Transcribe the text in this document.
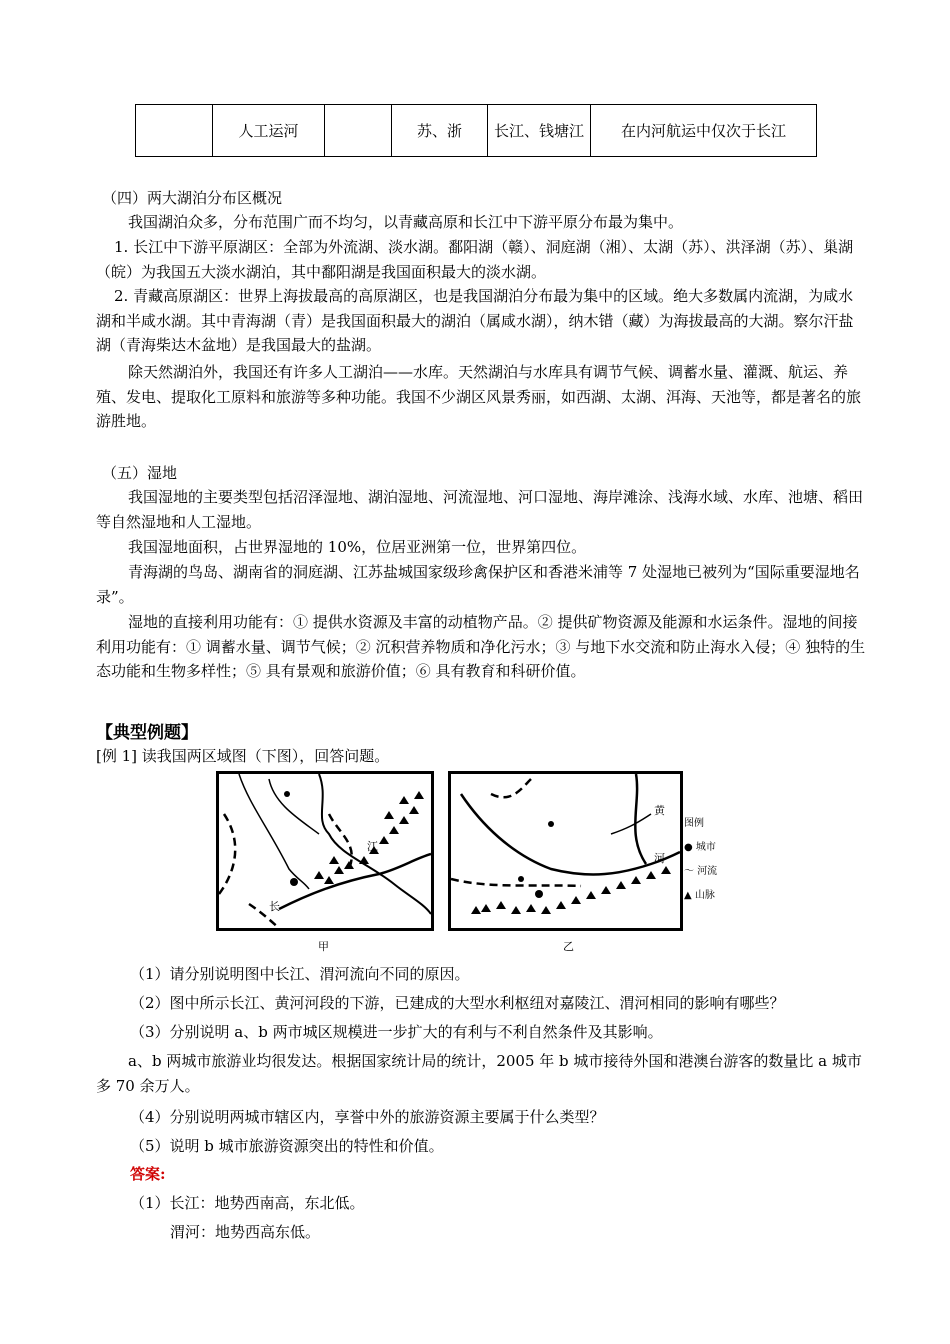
	人工运河		苏、浙	长江、钱塘江	在内河航运中仅次于长江

（四）两大湖泊分布区概况

我国湖泊众多，分布范围广而不均匀，以青藏高原和长江中下游平原分布最为集中。

1. 长江中下游平原湖区：全部为外流湖、淡水湖。鄱阳湖（赣）、洞庭湖（湘）、太湖（苏）、洪泽湖（苏）、巢湖（皖）为我国五大淡水湖泊，其中鄱阳湖是我国面积最大的淡水湖。

2. 青藏高原湖区：世界上海拔最高的高原湖区，也是我国湖泊分布最为集中的区域。绝大多数属内流湖，为咸水湖和半咸水湖。其中青海湖（青）是我国面积最大的湖泊（属咸水湖），纳木错（藏）为海拔最高的大湖。察尔汗盐湖（青海柴达木盆地）是我国最大的盐湖。

除天然湖泊外，我国还有许多人工湖泊——水库。天然湖泊与水库具有调节气候、调蓄水量、灌溉、航运、养殖、发电、提取化工原料和旅游等多种功能。我国不少湖区风景秀丽，如西湖、太湖、洱海、天池等，都是著名的旅游胜地。

（五）湿地

我国湿地的主要类型包括沼泽湿地、湖泊湿地、河流湿地、河口湿地、海岸滩涂、浅海水域、水库、池塘、稻田等自然湿地和人工湿地。

我国湿地面积，占世界湿地的 10%，位居亚洲第一位，世界第四位。

青海湖的鸟岛、湖南省的洞庭湖、江苏盐城国家级珍禽保护区和香港米浦等 7 处湿地已被列为“国际重要湿地名录”。

湿地的直接利用功能有：① 提供水资源及丰富的动植物产品。② 提供矿物资源及能源和水运条件。湿地的间接利用功能有：① 调蓄水量、调节气候；② 沉积营养物质和净化污水；③ 与地下水交流和防止海水入侵；④ 独特的生态功能和生物多样性；⑤ 具有景观和旅游价值；⑥ 具有教育和科研价值。

【典型例题】

[例 1] 读我国两区域图（下图），回答问题。

江
长
甲
黄
河
乙
图例
● 城市
〜 河流
▲ 山脉

（1）请分别说明图中长江、渭河流向不同的原因。

（2）图中所示长江、黄河河段的下游，已建成的大型水利枢纽对嘉陵江、渭河相同的影响有哪些？

（3）分别说明 a、b 两市城区规模进一步扩大的有利与不利自然条件及其影响。

a、b 两城市旅游业均很发达。根据国家统计局的统计，2005 年 b 城市接待外国和港澳台游客的数量比 a 城市多 70 余万人。

（4）分别说明两城市辖区内，享誉中外的旅游资源主要属于什么类型？

（5）说明 b 城市旅游资源突出的特性和价值。

答案:

（1）长江：地势西南高，东北低。

渭河：地势西高东低。
